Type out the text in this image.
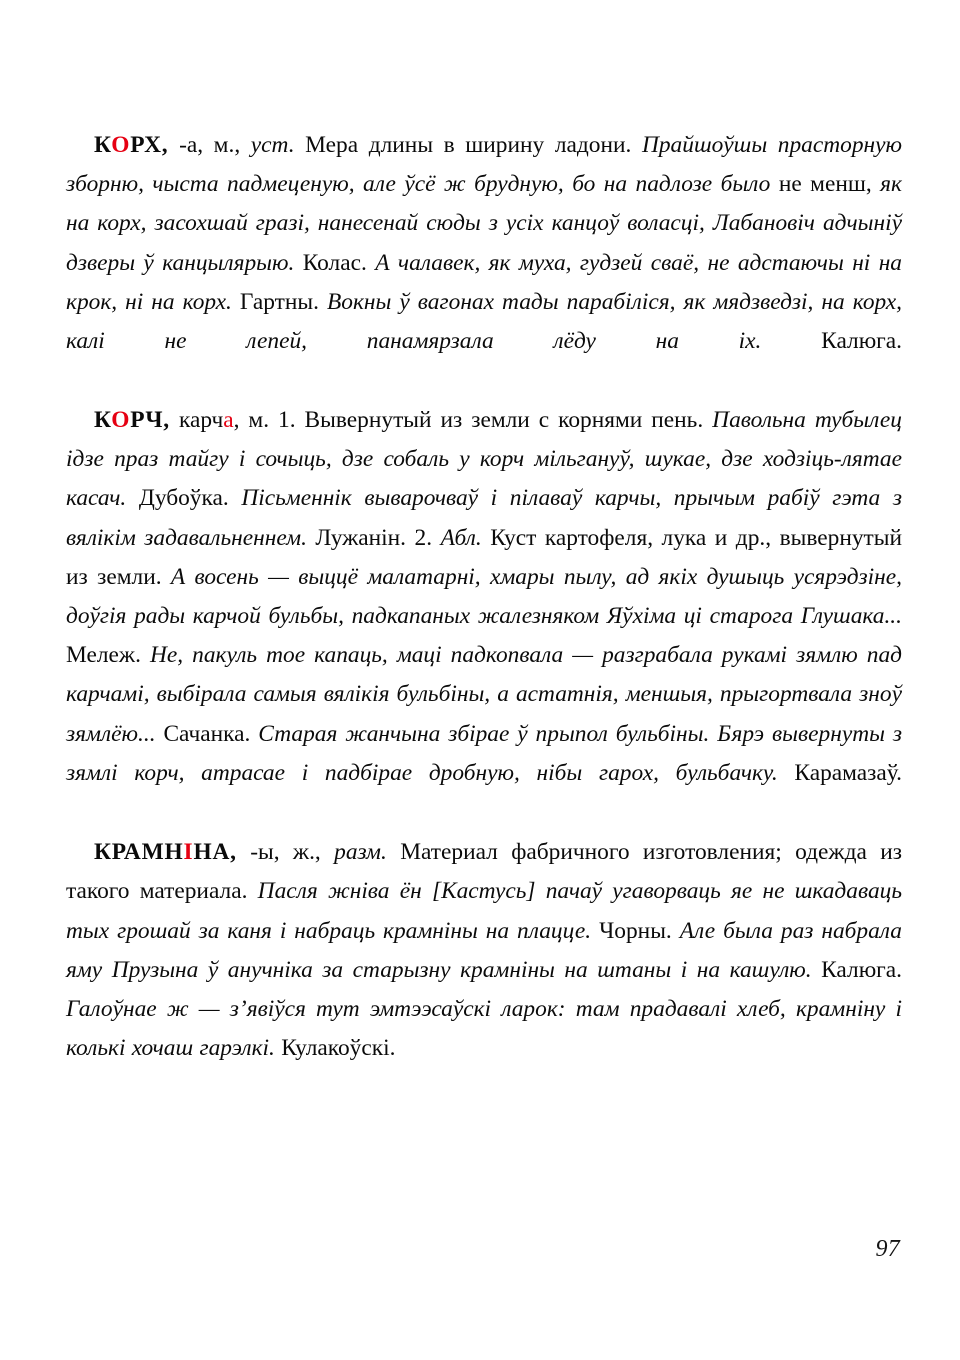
КОРХ, -а, м., уст. Мера длины в ширину ладони. Прайшоўшы прасторную зборню, чыста падмеценую, але ўсё ж брудную, бо на падлозе было не менш, як на корх, засохшай гразі, нанесенай сюды з усіх канцоў воласці, Лабановіч адчыніў дзверы ў канцылярыю. Колас. А чалавек, як муха, гудзей сваё, не адстаючы ні на крок, ні на корх. Гартны. Вокны ў вагонах тады парабіліся, як мядзведзі, на корх, калі не лепей, панамярзала лёду на іх. Калюга.

КОРЧ, карча, м. 1. Вывернутый из земли с корнями пень. Павольна тубылец ідзе праз тайгу і сочыць, дзе собаль у корч мільгануў, шукае, дзе ходзіць-лятае касач. Дубоўка. Пісьменнік выварочваў і пілаваў карчы, прычым рабіў гэта з вялікім задавальненнем. Лужанін. 2. Абл. Куст картофеля, лука и др., вывернутый из земли. А восень — выццё малатарні, хмары пылу, ад якіх душыць усярэдзіне, доўгія рады карчой бульбы, падкапаных жалезняком Яўхіма ці старога Глушака... Мележ. Не, пакуль тое капаць, маці падкопвала — разграбала рукамі зямлю пад карчамі, выбірала самыя вялікія бульбіны, а астатнія, меншыя, прыгортвала зноў зямлёю... Сачанка. Старая жанчына збірае ў прыпол бульбіны. Бярэ вывернуты з зямлі корч, атрасае і падбірае дробную, нібы гарох, бульбачку. Карамазаў.

КРАМНІНА, -ы, ж., разм. Материал фабричного изготовления; одежда из такого материала. Пасля жніва ён [Кастусь] пачаў угаворваць яе не шкадаваць тых грошай за каня і набраць крамніны на плацце. Чорны. Але была раз набрала яму Прузына ў анучніка за старызну крамніны на штаны і на кашулю. Калюга. Галоўнае ж — з’явіўся тут эмтээсаўскі ларок: там прадавалі хлеб, крамніну і колькі хочаш гарэлкі. Кулакоўскі.

97
